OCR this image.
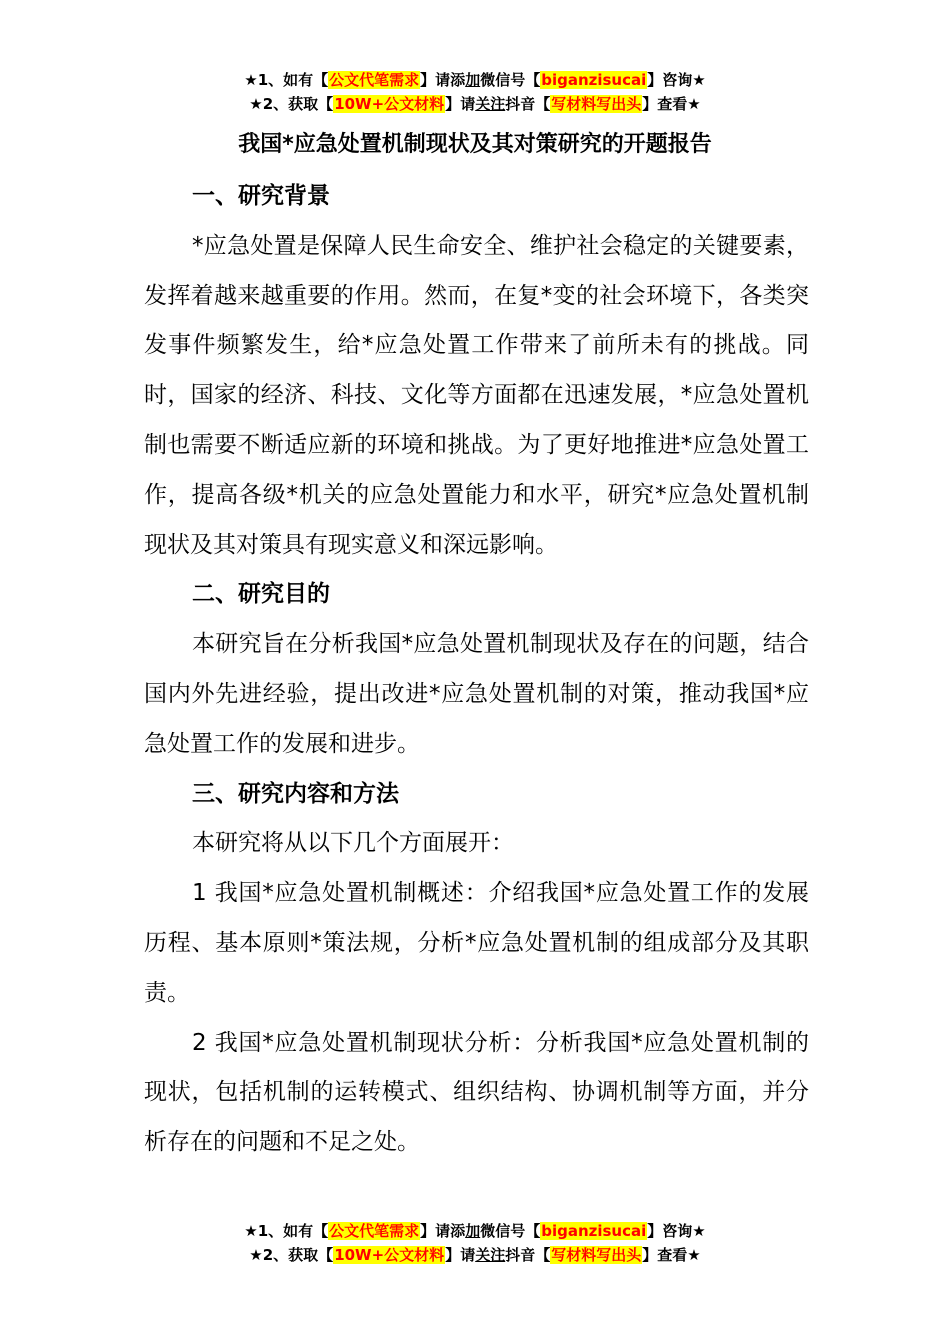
★1、如有【公文代笔需求】请添加微信号【biganzisucai】咨询★
★2、获取【10W+公文材料】请关注抖音【写材料写出头】查看★
我国*应急处置机制现状及其对策研究的开题报告

一、研究背景

*应急处置是保障人民生命安全、维护社会稳定的关键要素，发挥着越来越重要的作用。然而，在复*变的社会环境下，各类突发事件频繁发生，给*应急处置工作带来了前所未有的挑战。同时，国家的经济、科技、文化等方面都在迅速发展，*应急处置机制也需要不断适应新的环境和挑战。为了更好地推进*应急处置工作，提高各级*机关的应急处置能力和水平，研究*应急处置机制现状及其对策具有现实意义和深远影响。

二、研究目的

本研究旨在分析我国*应急处置机制现状及存在的问题，结合国内外先进经验，提出改进*应急处置机制的对策，推动我国*应急处置工作的发展和进步。

三、研究内容和方法

本研究将从以下几个方面展开：

1 我国*应急处置机制概述：介绍我国*应急处置工作的发展历程、基本原则*策法规，分析*应急处置机制的组成部分及其职责。

2 我国*应急处置机制现状分析：分析我国*应急处置机制的现状，包括机制的运转模式、组织结构、协调机制等方面，并分析存在的问题和不足之处。

★1、如有【公文代笔需求】请添加微信号【biganzisucai】咨询★
★2、获取【10W+公文材料】请关注抖音【写材料写出头】查看★
